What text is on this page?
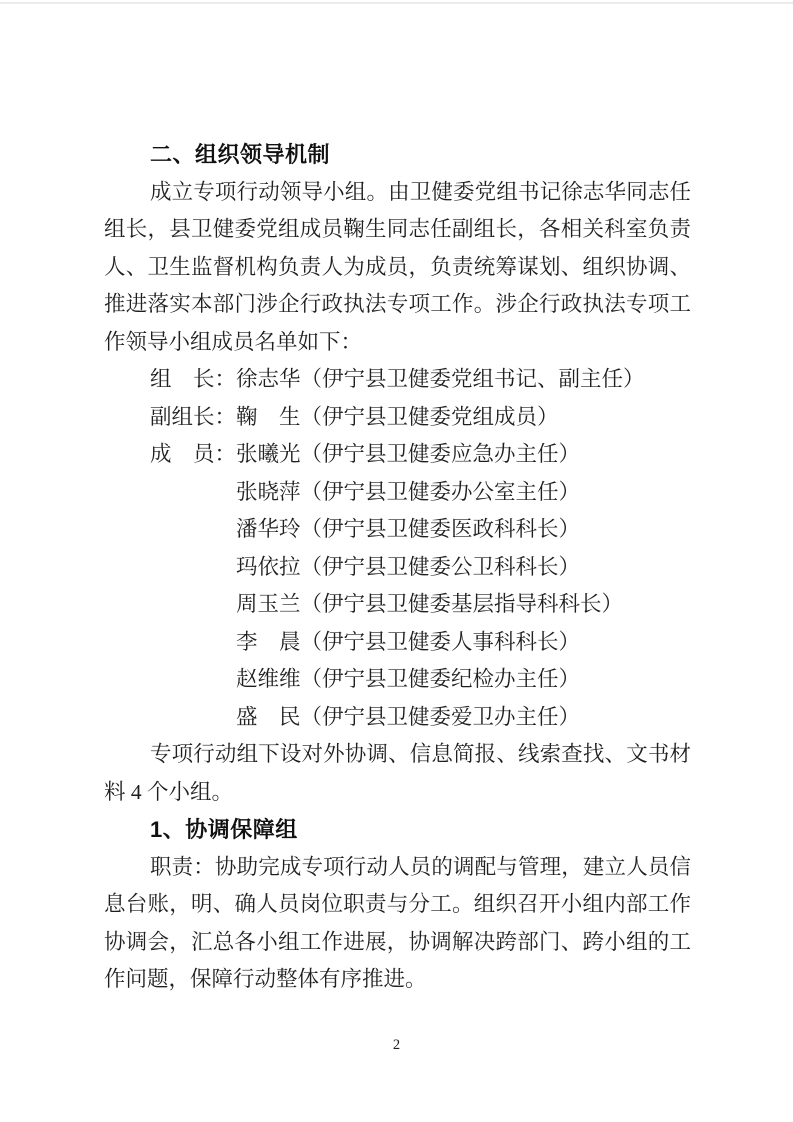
二、组织领导机制
成立专项行动领导小组。由卫健委党组书记徐志华同志任
组长，县卫健委党组成员鞠生同志任副组长，各相关科室负责
人、卫生监督机构负责人为成员，负责统筹谋划、组织协调、
推进落实本部门涉企行政执法专项工作。涉企行政执法专项工
作领导小组成员名单如下：
组　长：徐志华（伊宁县卫健委党组书记、副主任）
副组长：鞠　生（伊宁县卫健委党组成员）
成　员：张曦光（伊宁县卫健委应急办主任）
张晓萍（伊宁县卫健委办公室主任）
潘华玲（伊宁县卫健委医政科科长）
玛依拉（伊宁县卫健委公卫科科长）
周玉兰（伊宁县卫健委基层指导科科长）
李　晨（伊宁县卫健委人事科科长）
赵维维（伊宁县卫健委纪检办主任）
盛　民（伊宁县卫健委爱卫办主任）
专项行动组下设对外协调、信息简报、线索查找、文书材
料 4 个小组。
1、协调保障组
职责：协助完成专项行动人员的调配与管理，建立人员信
息台账，明、确人员岗位职责与分工。组织召开小组内部工作
协调会，汇总各小组工作进展，协调解决跨部门、跨小组的工
作问题，保障行动整体有序推进。
2
